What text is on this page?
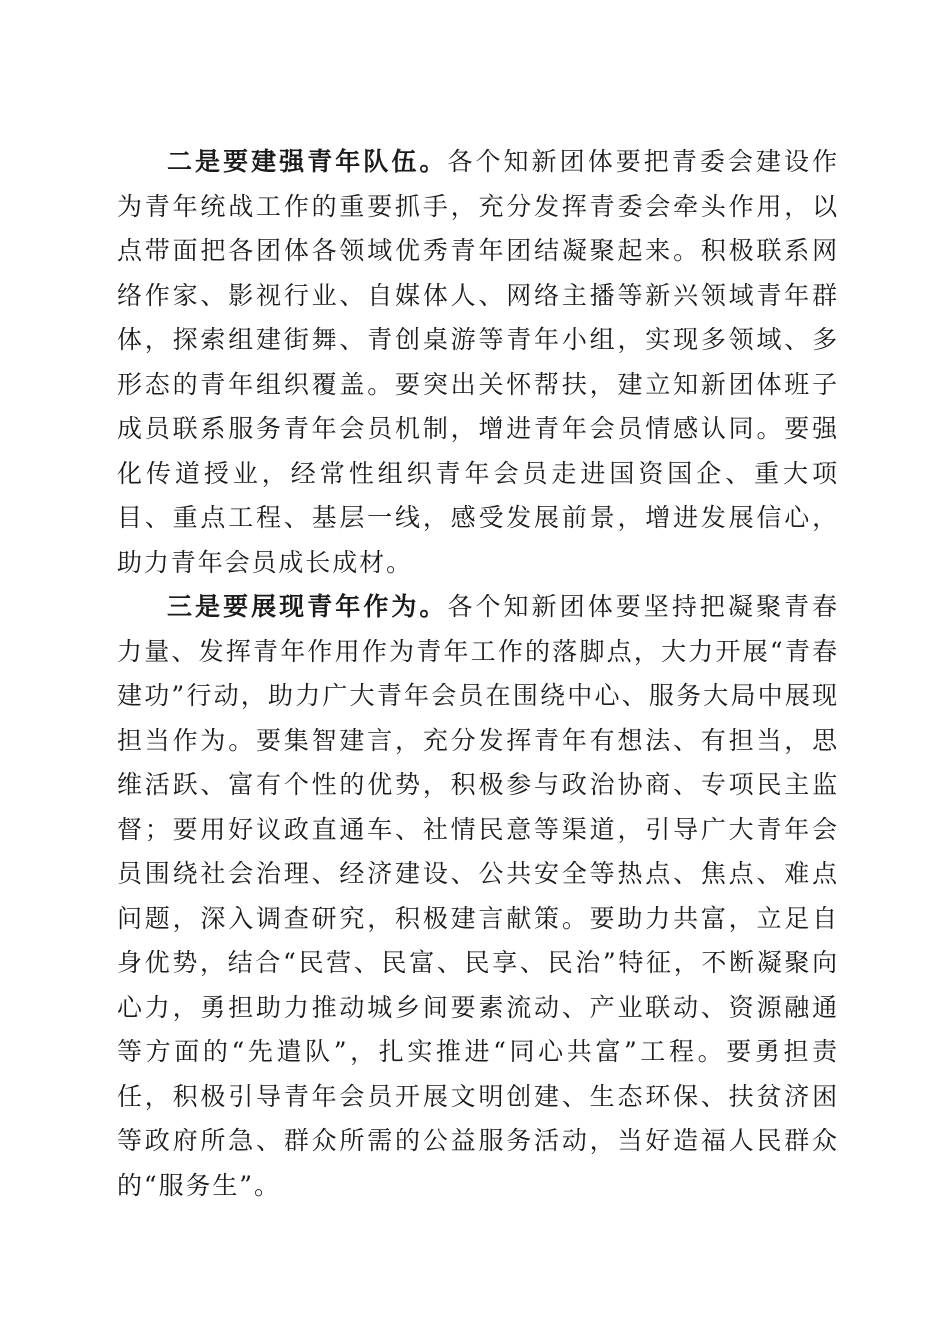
二是要建强青年队伍。各个知新团体要把青委会建设作为青年统战工作的重要抓手，充分发挥青委会牵头作用，以点带面把各团体各领域优秀青年团结凝聚起来。积极联系网络作家、影视行业、自媒体人、网络主播等新兴领域青年群体，探索组建街舞、青创桌游等青年小组，实现多领域、多形态的青年组织覆盖。要突出关怀帮扶，建立知新团体班子成员联系服务青年会员机制，增进青年会员情感认同。要强化传道授业，经常性组织青年会员走进国资国企、重大项目、重点工程、基层一线，感受发展前景，增进发展信心，助力青年会员成长成材。

三是要展现青年作为。各个知新团体要坚持把凝聚青春力量、发挥青年作用作为青年工作的落脚点，大力开展“青春建功”行动，助力广大青年会员在围绕中心、服务大局中展现担当作为。要集智建言，充分发挥青年有想法、有担当，思维活跃、富有个性的优势，积极参与政治协商、专项民主监督；要用好议政直通车、社情民意等渠道，引导广大青年会员围绕社会治理、经济建设、公共安全等热点、焦点、难点问题，深入调查研究，积极建言献策。要助力共富，立足自身优势，结合“民营、民富、民享、民治”特征，不断凝聚向心力，勇担助力推动城乡间要素流动、产业联动、资源融通等方面的“先遣队”，扎实推进“同心共富”工程。要勇担责任，积极引导青年会员开展文明创建、生态环保、扶贫济困等政府所急、群众所需的公益服务活动，当好造福人民群众的“服务生”。
